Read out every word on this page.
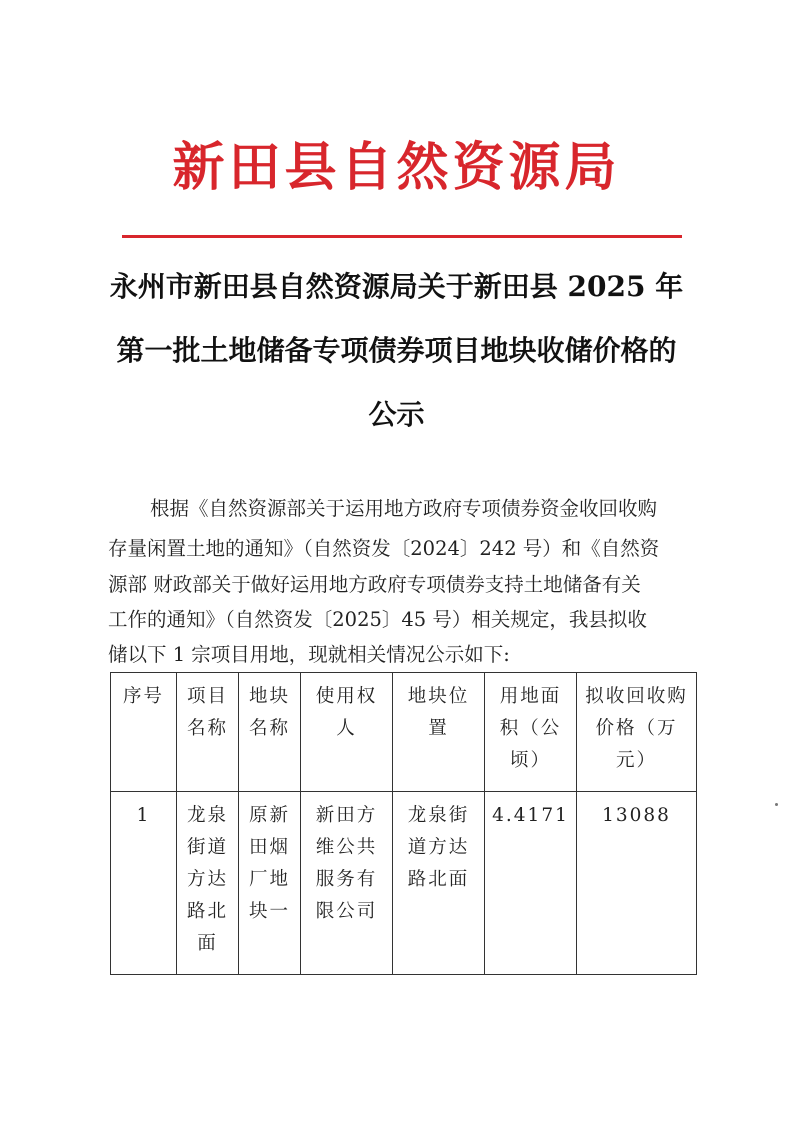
新田县自然资源局
永州市新田县自然资源局关于新田县 2025 年
第一批土地储备专项债券项目地块收储价格的
公示
根据《自然资源部关于运用地方政府专项债券资金收回收购
存量闲置土地的通知》（自然资发〔2024〕242 号）和《自然资
源部 财政部关于做好运用地方政府专项债券支持土地储备有关
工作的通知》（自然资发〔2025〕45 号）相关规定，我县拟收
储以下 1 宗项目用地，现就相关情况公示如下:
序号	项目名称	地块名称	使用权人	地块位置	用地面积（公顷）	拟收回收购价格（万元）
1	龙泉街道方达路北面	原新田烟厂地块一	新田方维公共服务有限公司	龙泉街道方达路北面	4.4171	13088
